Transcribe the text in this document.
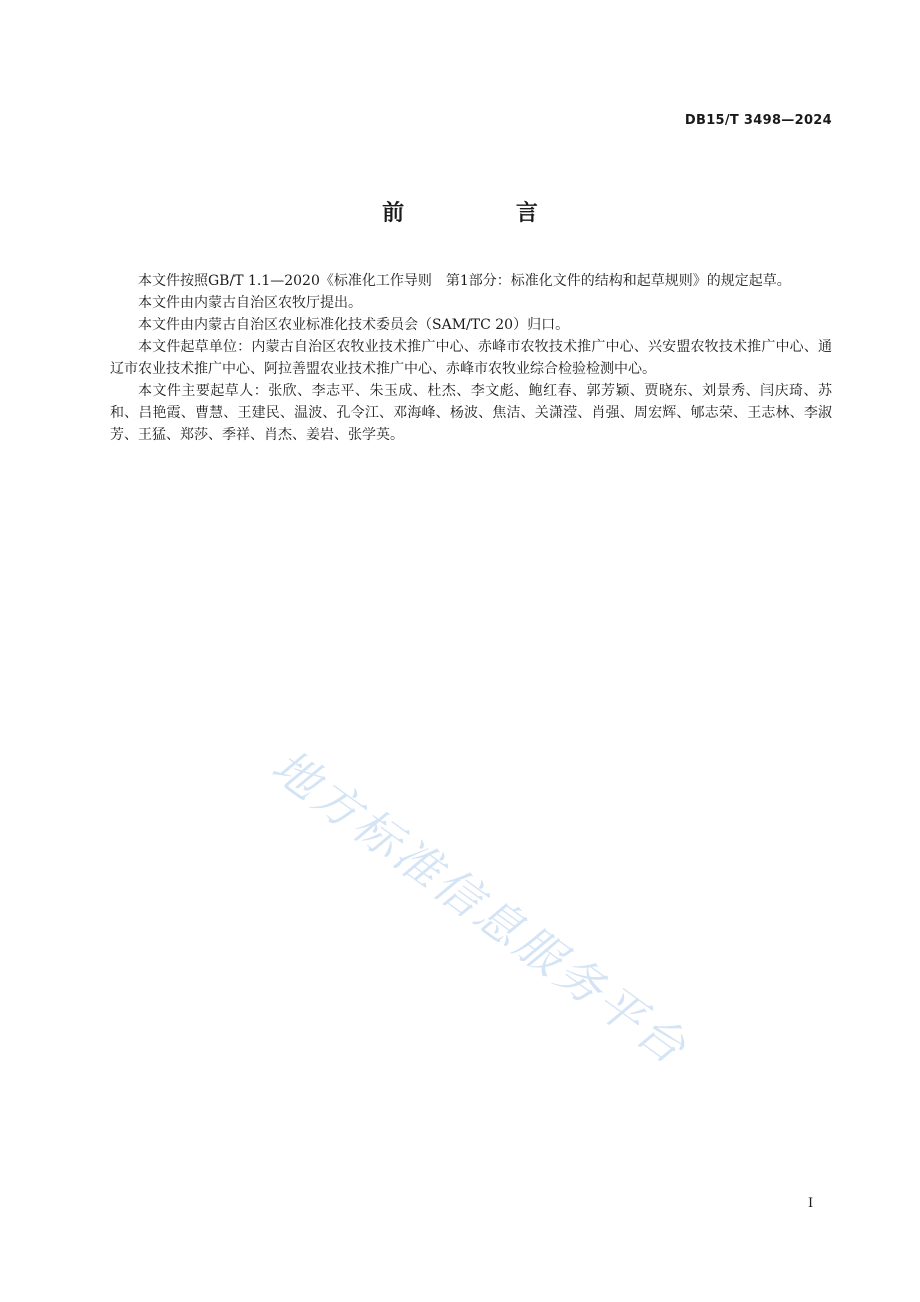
DB15/T 3498—2024
前 言

本文件按照GB/T 1.1—2020《标准化工作导则　第1部分：标准化文件的结构和起草规则》的规定起草。

本文件由内蒙古自治区农牧厅提出。

本文件由内蒙古自治区农业标准化技术委员会（SAM/TC 20）归口。

本文件起草单位：内蒙古自治区农牧业技术推广中心、赤峰市农牧技术推广中心、兴安盟农牧技术推广中心、通辽市农业技术推广中心、阿拉善盟农业技术推广中心、赤峰市农牧业综合检验检测中心。

本文件主要起草人：张欣、李志平、朱玉成、杜杰、李文彪、鲍红春、郭芳颖、贾晓东、刘景秀、闫庆琦、苏和、吕艳霞、曹慧、王建民、温波、孔令江、邓海峰、杨波、焦洁、关潇滢、肖强、周宏辉、郇志荣、王志林、李淑芳、王猛、郑莎、季祥、肖杰、姜岩、张学英。

地方标准信息服务平台
I
